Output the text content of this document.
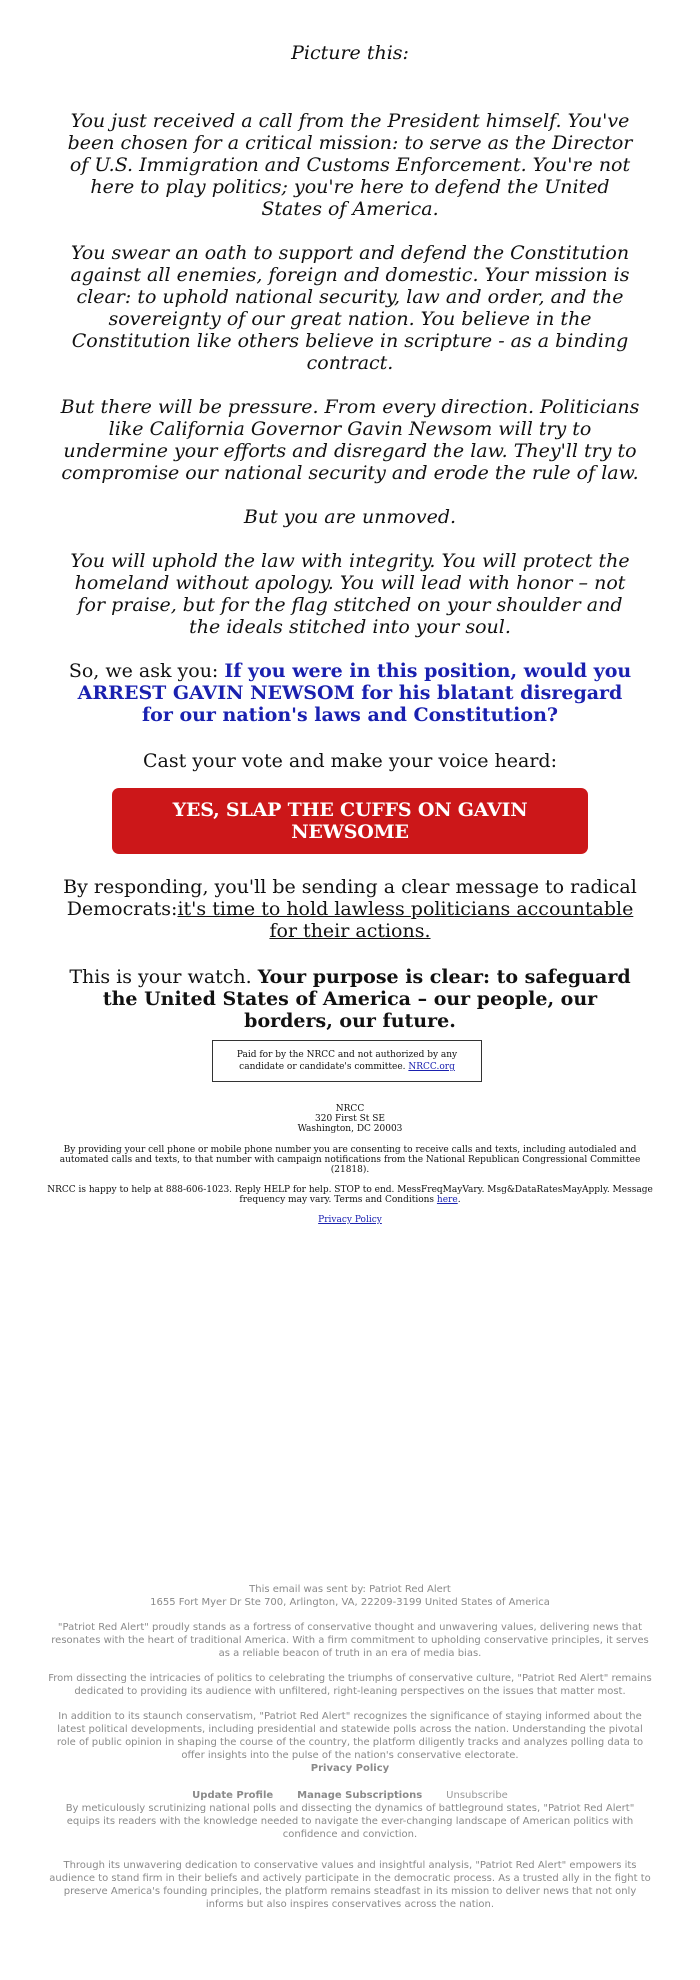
Picture this:

You just received a call from the President himself. You've been chosen for a critical mission: to serve as the Director of U.S. Immigration and Customs Enforcement. You're not here to play politics; you're here to defend the United States of America.

You swear an oath to support and defend the Constitution against all enemies, foreign and domestic. Your mission is clear: to uphold national security, law and order, and the sovereignty of our great nation. You believe in the Constitution like others believe in scripture - as a binding contract.

But there will be pressure. From every direction. Politicians like California Governor Gavin Newsom will try to undermine your efforts and disregard the law. They'll try to compromise our national security and erode the rule of law.

But you are unmoved.

You will uphold the law with integrity. You will protect the homeland without apology. You will lead with honor – not for praise, but for the flag stitched on your shoulder and the ideals stitched into your soul.

So, we ask you: If you were in this position, would you ARREST GAVIN NEWSOM for his blatant disregard for our nation's laws and Constitution?

Cast your vote and make your voice heard:

YES, SLAP THE CUFFS ON GAVIN NEWSOME

By responding, you'll be sending a clear message to radical Democrats:it's time to hold lawless politicians accountable for their actions.

This is your watch. Your purpose is clear: to safeguard the United States of America – our people, our borders, our future.

Paid for by the NRCC and not authorized by any candidate or candidate's committee. NRCC.org
NRCC
320 First St SE
Washington, DC 20003

By providing your cell phone or mobile phone number you are consenting to receive calls and texts, including autodialed and automated calls and texts, to that number with campaign notifications from the National Republican Congressional Committee (21818).

NRCC is happy to help at 888-606-1023. Reply HELP for help. STOP to end. MessFreqMayVary. Msg&DataRatesMayApply. Message frequency may vary. Terms and Conditions here.

Privacy Policy

This email was sent by: Patriot Red Alert

1655 Fort Myer Dr Ste 700, Arlington, VA, 22209-3199 United States of America

"Patriot Red Alert" proudly stands as a fortress of conservative thought and unwavering values, delivering news that resonates with the heart of traditional America. With a firm commitment to upholding conservative principles, it serves as a reliable beacon of truth in an era of media bias.

From dissecting the intricacies of politics to celebrating the triumphs of conservative culture, "Patriot Red Alert" remains dedicated to providing its audience with unfiltered, right-leaning perspectives on the issues that matter most.

In addition to its staunch conservatism, "Patriot Red Alert" recognizes the significance of staying informed about the latest political developments, including presidential and statewide polls across the nation. Understanding the pivotal role of public opinion in shaping the course of the country, the platform diligently tracks and analyzes polling data to offer insights into the pulse of the nation's conservative electorate.

Privacy Policy

Update Profile Manage Subscriptions Unsubscribe

By meticulously scrutinizing national polls and dissecting the dynamics of battleground states, "Patriot Red Alert" equips its readers with the knowledge needed to navigate the ever-changing landscape of American politics with confidence and conviction.

Through its unwavering dedication to conservative values and insightful analysis, "Patriot Red Alert" empowers its audience to stand firm in their beliefs and actively participate in the democratic process. As a trusted ally in the fight to preserve America's founding principles, the platform remains steadfast in its mission to deliver news that not only informs but also inspires conservatives across the nation.
